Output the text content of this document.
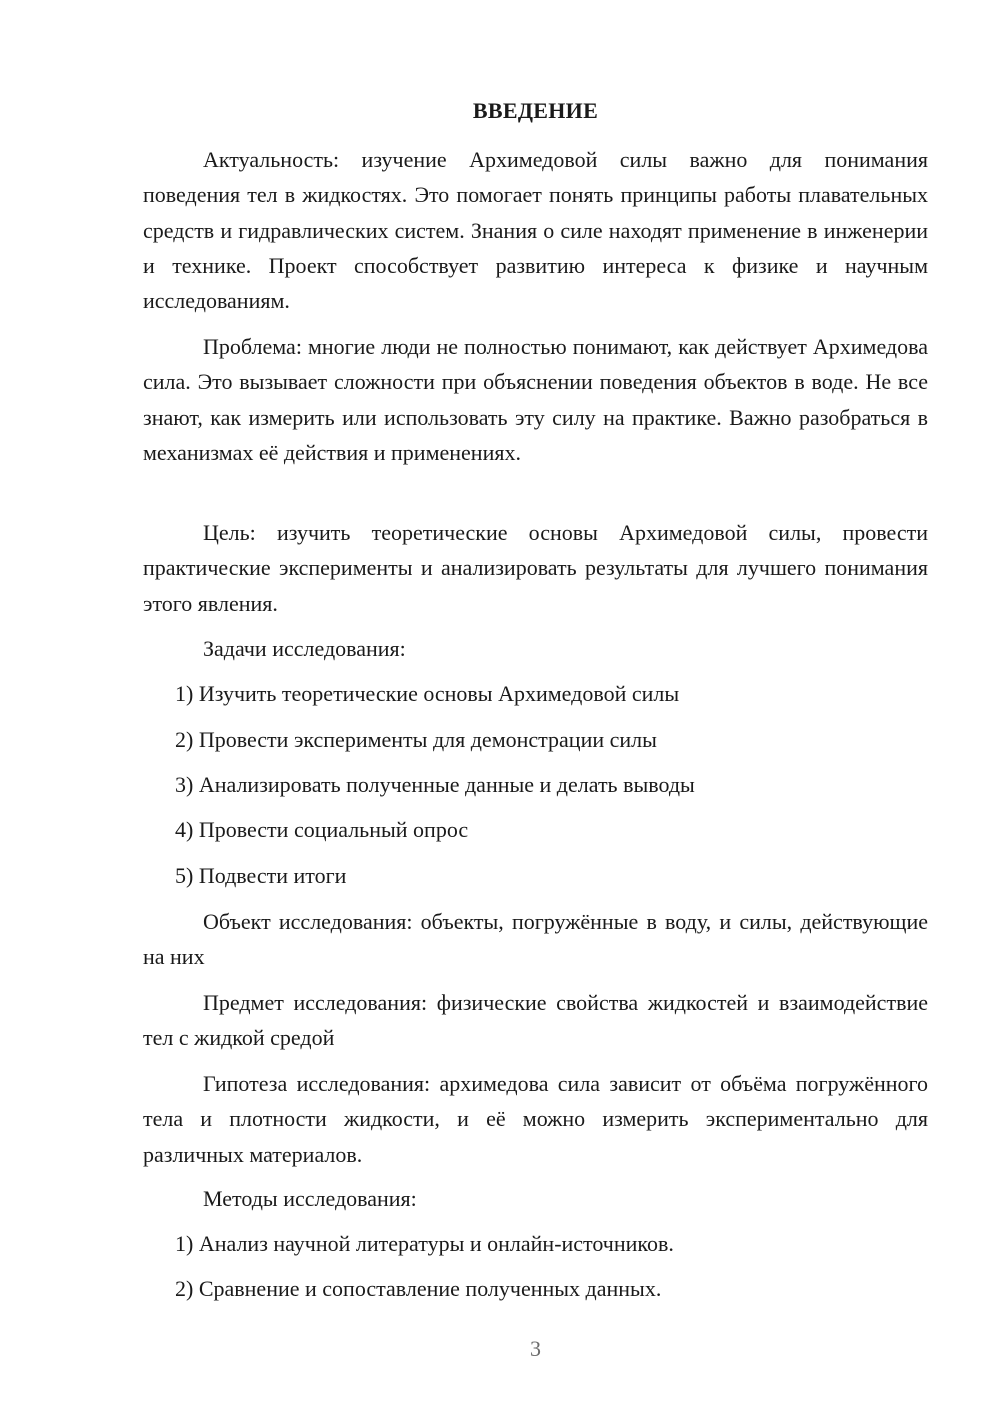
ВВЕДЕНИЕ

Актуальность: изучение Архимедовой силы важно для понимания поведения тел в жидкостях. Это помогает понять принципы работы плавательных средств и гидравлических систем. Знания о силе находят применение в инженерии и технике. Проект способствует развитию интереса к физике и научным исследованиям.

Проблема: многие люди не полностью понимают, как действует Архимедова сила. Это вызывает сложности при объяснении поведения объектов в воде. Не все знают, как измерить или использовать эту силу на практике. Важно разобраться в механизмах её действия и применениях.

Цель: изучить теоретические основы Архимедовой силы, провести практические эксперименты и анализировать результаты для лучшего понимания этого явления.

Задачи исследования:
1) Изучить теоретические основы Архимедовой силы
2) Провести эксперименты для демонстрации силы
3) Анализировать полученные данные и делать выводы
4) Провести социальный опрос
5) Подвести итоги

Объект исследования: объекты, погружённые в воду, и силы, действующие на них

Предмет исследования: физические свойства жидкостей и взаимодействие тел с жидкой средой

Гипотеза исследования: архимедова сила зависит от объёма погружённого тела и плотности жидкости, и её можно измерить экспериментально для различных материалов.

Методы исследования:
1) Анализ научной литературы и онлайн-источников.
2) Сравнение и сопоставление полученных данных.
3
